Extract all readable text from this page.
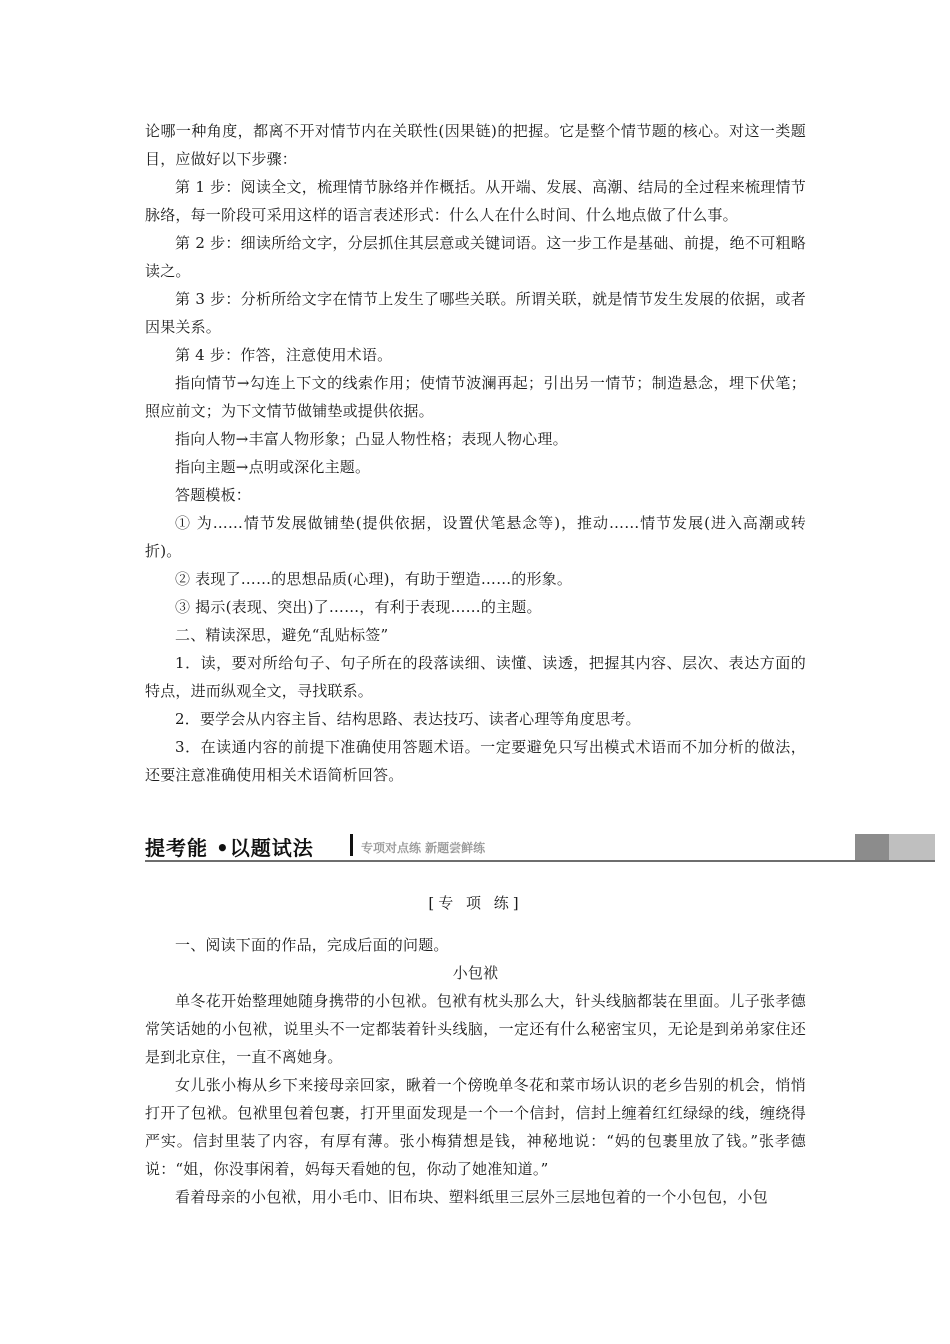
论哪一种角度，都离不开对情节内在关联性(因果链)的把握。它是整个情节题的核心。对这一类题目，应做好以下步骤：

第 1 步：阅读全文，梳理情节脉络并作概括。从开端、发展、高潮、结局的全过程来梳理情节脉络，每一阶段可采用这样的语言表述形式：什么人在什么时间、什么地点做了什么事。

第 2 步：细读所给文字，分层抓住其层意或关键词语。这一步工作是基础、前提，绝不可粗略读之。

第 3 步：分析所给文字在情节上发生了哪些关联。所谓关联，就是情节发生发展的依据，或者因果关系。

第 4 步：作答，注意使用术语。

指向情节→勾连上下文的线索作用；使情节波澜再起；引出另一情节；制造悬念，埋下伏笔；照应前文；为下文情节做铺垫或提供依据。

指向人物→丰富人物形象；凸显人物性格；表现人物心理。

指向主题→点明或深化主题。

答题模板：

① 为……情节发展做铺垫(提供依据，设置伏笔悬念等)，推动……情节发展(进入高潮或转折)。

② 表现了……的思想品质(心理)，有助于塑造……的形象。

③ 揭示(表现、突出)了……，有利于表现……的主题。

二、精读深思，避免“乱贴标签”

1．读，要对所给句子、句子所在的段落读细、读懂、读透，把握其内容、层次、表达方面的特点，进而纵观全文，寻找联系。

2．要学会从内容主旨、结构思路、表达技巧、读者心理等角度思考。

3．在读通内容的前提下准确使用答题术语。一定要避免只写出模式术语而不加分析的做法，还要注意准确使用相关术语简析回答。

提考能 •以题试法	专项对点练 新题尝鲜练

[专 项 练]

一、阅读下面的作品，完成后面的问题。

小包袱

单冬花开始整理她随身携带的小包袱。包袱有枕头那么大，针头线脑都装在里面。儿子张孝德常笑话她的小包袱，说里头不一定都装着针头线脑，一定还有什么秘密宝贝，无论是到弟弟家住还是到北京住，一直不离她身。

女儿张小梅从乡下来接母亲回家，瞅着一个傍晚单冬花和菜市场认识的老乡告别的机会，悄悄打开了包袱。包袱里包着包裹，打开里面发现是一个一个信封，信封上缠着红红绿绿的线，缠绕得严实。信封里装了内容，有厚有薄。张小梅猜想是钱，神秘地说：“妈的包裹里放了钱。”张孝德说：“姐，你没事闲着，妈每天看她的包，你动了她准知道。”

看着母亲的小包袱，用小毛巾、旧布块、塑料纸里三层外三层地包着的一个小包包，小包
